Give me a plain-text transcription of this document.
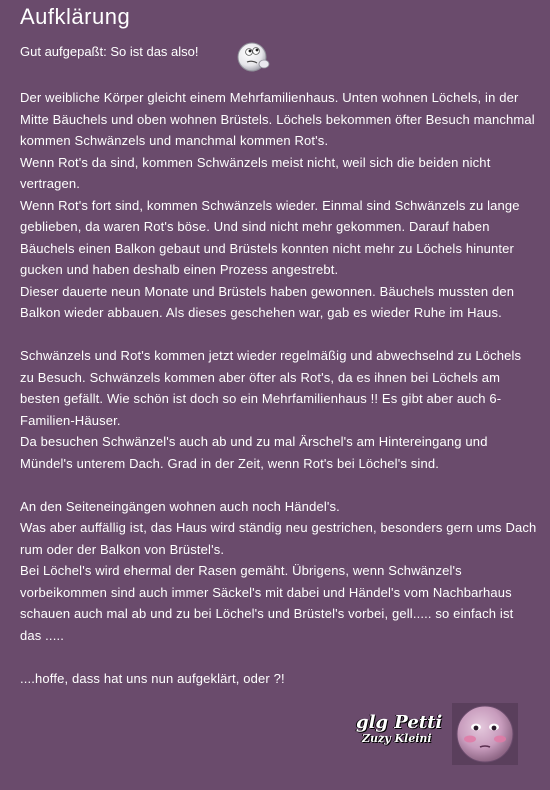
Aufklärung
Gut aufgepaßt: So ist das also!

Der weibliche Körper gleicht einem Mehrfamilienhaus. Unten wohnen Löchels, in der Mitte Bäuchels und oben wohnen Brüstels. Löchels bekommen öfter Besuch manchmal kommen Schwänzels und manchmal kommen Rot's.

Wenn Rot's da sind, kommen Schwänzels meist nicht, weil sich die beiden nicht vertragen.

Wenn Rot's fort sind, kommen Schwänzels wieder. Einmal sind Schwänzels zu lange geblieben, da waren Rot's böse. Und sind nicht mehr gekommen. Darauf haben Bäuchels einen Balkon gebaut und Brüstels konnten nicht mehr zu Löchels hinunter gucken und haben deshalb einen Prozess angestrebt.

Dieser dauerte neun Monate und Brüstels haben gewonnen. Bäuchels mussten den Balkon wieder abbauen. Als dieses geschehen war, gab es wieder Ruhe im Haus.

Schwänzels und Rot's kommen jetzt wieder regelmäßig und abwechselnd zu Löchels zu Besuch. Schwänzels kommen aber öfter als Rot's, da es ihnen bei Löchels am besten gefällt. Wie schön ist doch so ein Mehrfamilienhaus !! Es gibt aber auch 6-Familien-Häuser.

Da besuchen Schwänzel's auch ab und zu mal Ärschel's am Hintereingang und Mündel's unterem Dach. Grad in der Zeit, wenn Rot's bei Löchel's sind.

An den Seiteneingängen wohnen auch noch Händel's.

Was aber auffällig ist, das Haus wird ständig neu gestrichen, besonders gern ums Dach rum oder der Balkon von Brüstel's.

Bei Löchel's wird ehermal der Rasen gemäht. Übrigens, wenn Schwänzel's vorbeikommen sind auch immer Säckel's mit dabei und Händel's vom Nachbarhaus schauen auch mal ab und zu bei Löchel's und Brüstel's vorbei, gell..... so einfach ist das .....

....hoffe, dass hat uns nun aufgeklärt, oder ?!

glg Petti
Zuzy Kleini
